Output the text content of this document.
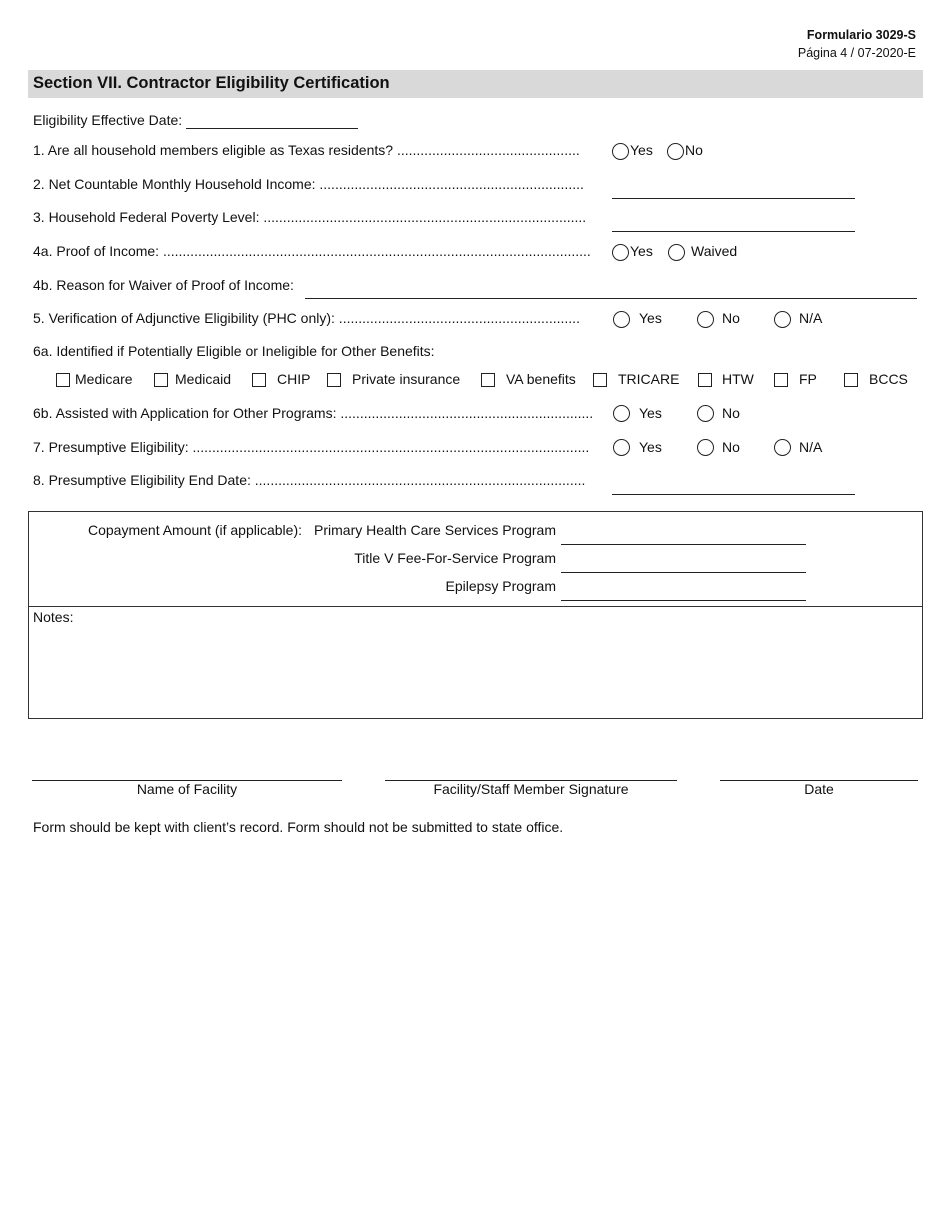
Formulario 3029-S
Página 4 / 07-2020-E
Section VII. Contractor Eligibility Certification
Eligibility Effective Date:
1. Are all household members eligible as Texas residents? ...............................................	Yes No
2. Net Countable Monthly Household Income: ....................................................................
3. Household Federal Poverty Level: ...................................................................................
4a. Proof of Income: ..............................................................................................................	Yes	Waived
4b. Reason for Waiver of Proof of Income:
5. Verification of Adjunctive Eligibility (PHC only): ..............................................................	Yes	No	N/A
6a. Identified if Potentially Eligible or Ineligible for Other Benefits:
Medicare	Medicaid	CHIP	Private insurance	VA benefits	TRICARE	HTW	FP	BCCS
6b. Assisted with Application for Other Programs: .................................................................	Yes	No
7. Presumptive Eligibility: ......................................................................................................	Yes	No	N/A
8. Presumptive Eligibility End Date: .....................................................................................
Copayment Amount (if applicable): Primary Health Care Services Program
Title V Fee-For-Service Program
Epilepsy Program
Notes:
Name of Facility	Facility/Staff Member Signature	Date
Form should be kept with client’s record. Form should not be submitted to state office.
